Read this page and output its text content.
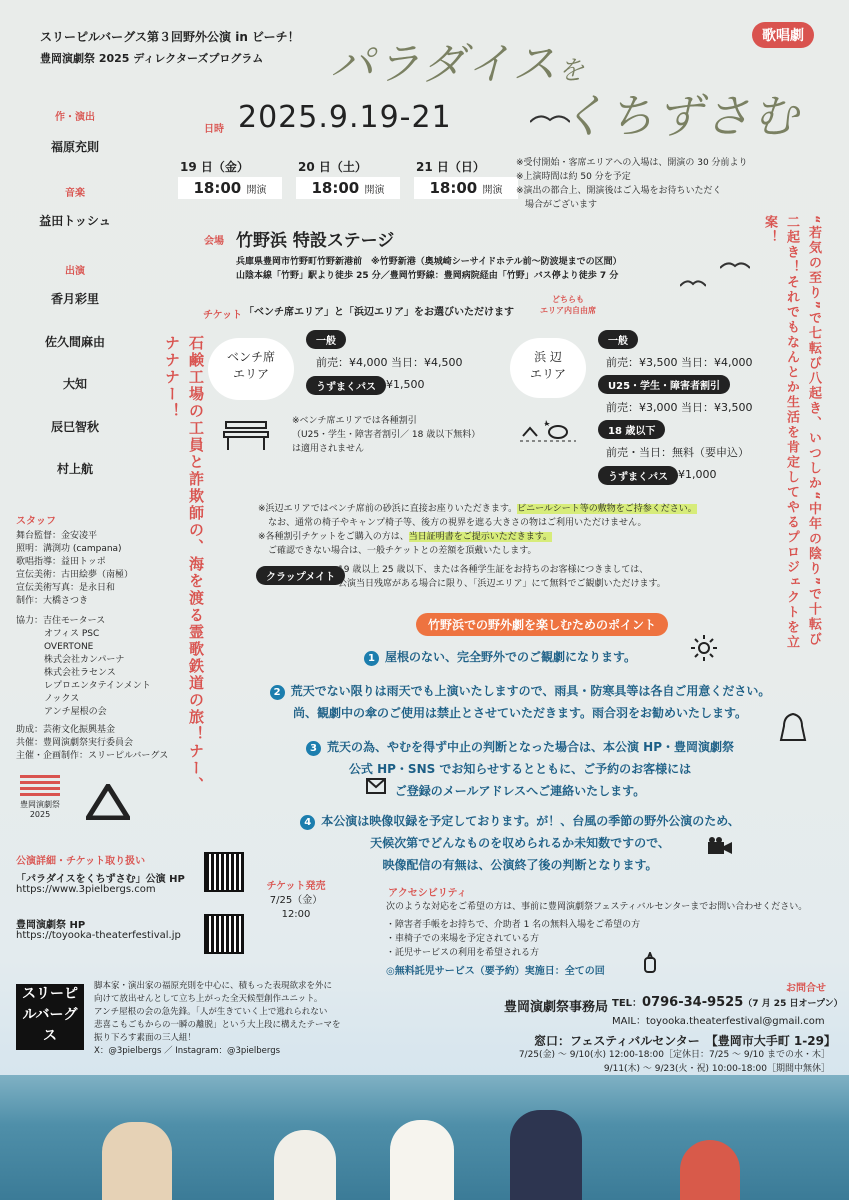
スリーピルバーグス第３回野外公演 in ビーチ！
豊岡演劇祭 2025 ディレクターズプログラム パラダイスを
くちずさむ
歌唱劇
作・演出
福原充則
音楽
益田トッシュ
出演
香月彩里
佐久間麻由
大知
辰巳智秋
村上航
スタッフ
舞台監督：金安凌平
照明：溝渕功 (campana)
歌唱指導：益田トッポ
宣伝美術：古田絵夢（南極）
宣伝美術写真：是永日和
制作：大橋さつき
協力：吉住モータース
オフィス PSC
OVERTONE
株式会社カンパーナ
株式会社ラセンス
レプロエンタテインメント
ノックス
アンチ屋根の会
助成：芸術文化振興基金
共催：豊岡演劇祭実行委員会
主催・企画制作：スリーピルバーグス
豊岡演劇祭
2025
石鹸工場の工員と詐欺師の、海を渡る霊歌鉄道の旅！ナー、ナナナー！
日時 2025.9.19-21
19 日（金）	20 日（土）	21 日（日）
18:00 開演	18:00 開演	18:00 開演
※受付開始・客席エリアへの入場は、開演の 30 分前より
※上演時間は約 50 分を予定
※演出の都合上、開演後はご入場をお待ちいただく
　場合がございます
“若気の至り”で七転び八起き、いつしか“中年の陰り”で十転び二起き！それでもなんとか生活を肯定してやるプロジェクトを立案！
会場 竹野浜 特設ステージ
兵庫県豊岡市竹野町竹野新港前　※竹野新港（奥城崎シーサイドホテル前〜防波堤までの区間）
山陰本線「竹野」駅より徒歩 25 分／豊岡竹野線：豊岡病院経由「竹野」バス停より徒歩 7 分
チケット 「ベンチ席エリア」と「浜辺エリア」をお選びいただけます
どちらも
エリア内自由席
ベンチ席
エリア
一般
前売：¥4,000 当日：¥4,500
うずまくパス ¥1,500
※ベンチ席エリアでは各種割引
（U25・学生・障害者割引／ 18 歳以下無料）
は適用されません
浜 辺
エリア
一般
前売：¥3,500 当日：¥4,000
U25・学生・障害者割引
前売：¥3,000 当日：¥3,500
18 歳以下
前売・当日：無料（要申込）
うずまくパス ¥1,000
※浜辺エリアではベンチ席前の砂浜に直接お座りいただきます。ビニールシート等の敷物をご持参ください。
なお、通常の椅子やキャンプ椅子等、後方の視界を遮る大きさの物はご利用いただけません。
※各種割引チケットをご購入の方は、当日証明書をご提示いただきます。
ご確認できない場合は、一般チケットとの差額を頂戴いたします。
クラップメイト
19 歳以上 25 歳以下、または各種学生証をお持ちのお客様につきましては、
公演当日残席がある場合に限り、「浜辺エリア」にて無料でご観劇いただけます。
竹野浜での野外劇を楽しむためのポイント
1 屋根のない、完全野外でのご観劇になります。
2 荒天でない限りは雨天でも上演いたしますので、雨具・防寒具等は各自ご用意ください。
尚、観劇中の傘のご使用は禁止とさせていただきます。雨合羽をお勧めいたします。
3 荒天の為、やむを得ず中止の判断となった場合は、本公演 HP・豊岡演劇祭
公式 HP・SNS でお知らせするとともに、ご予約のお客様には
ご登録のメールアドレスへご連絡いたします。
4 本公演は映像収録を予定しております。が！、台風の季節の野外公演のため、
天候次第でどんなものを収められるか未知数ですので、
映像配信の有無は、公演終了後の判断となります。
公演詳細・チケット取り扱い
「パラダイスをくちずさむ」公演 HP
https://www.3pielbergs.com
豊岡演劇祭 HP
https://toyooka-theaterfestival.jp
チケット発売
7/25（金）
12:00
アクセシビリティ
次のような対応をご希望の方は、事前に豊岡演劇祭フェスティバルセンターまでお問い合わせください。
・障害者手帳をお持ちで、介助者 1 名の無料入場をご希望の方
・車椅子での来場を予定されている方
・託児サービスの利用を希望される方
◎無料託児サービス（要予約）実施日：全ての回
スリーピルバーグス
脚本家・演出家の福原充則を中心に、積もった表現欲求を外に
向けて放出せんとして立ち上がった全天候型創作ユニット。
アンチ屋根の会の急先鋒。「人が生きていく上で逃れられない
悲喜こもごもからの一瞬の離脱」という大上段に構えたテーマを
振り下ろす素面の三人組！
X：@3pielbergs ／ Instagram：@3pielbergs
お問合せ
豊岡演劇祭事務局 TEL：0796-34-9525（7 月 25 日オープン）
MAIL：toyooka.theaterfestival@gmail.com
窓口：フェスティバルセンター　【豊岡市大手町 1-29】
7/25(金) 〜 9/10(水) 12:00-18:00［定休日：7/25 〜 9/10 までの水・木］
9/11(木) 〜 9/23(火・祝) 10:00-18:00［期間中無休］
